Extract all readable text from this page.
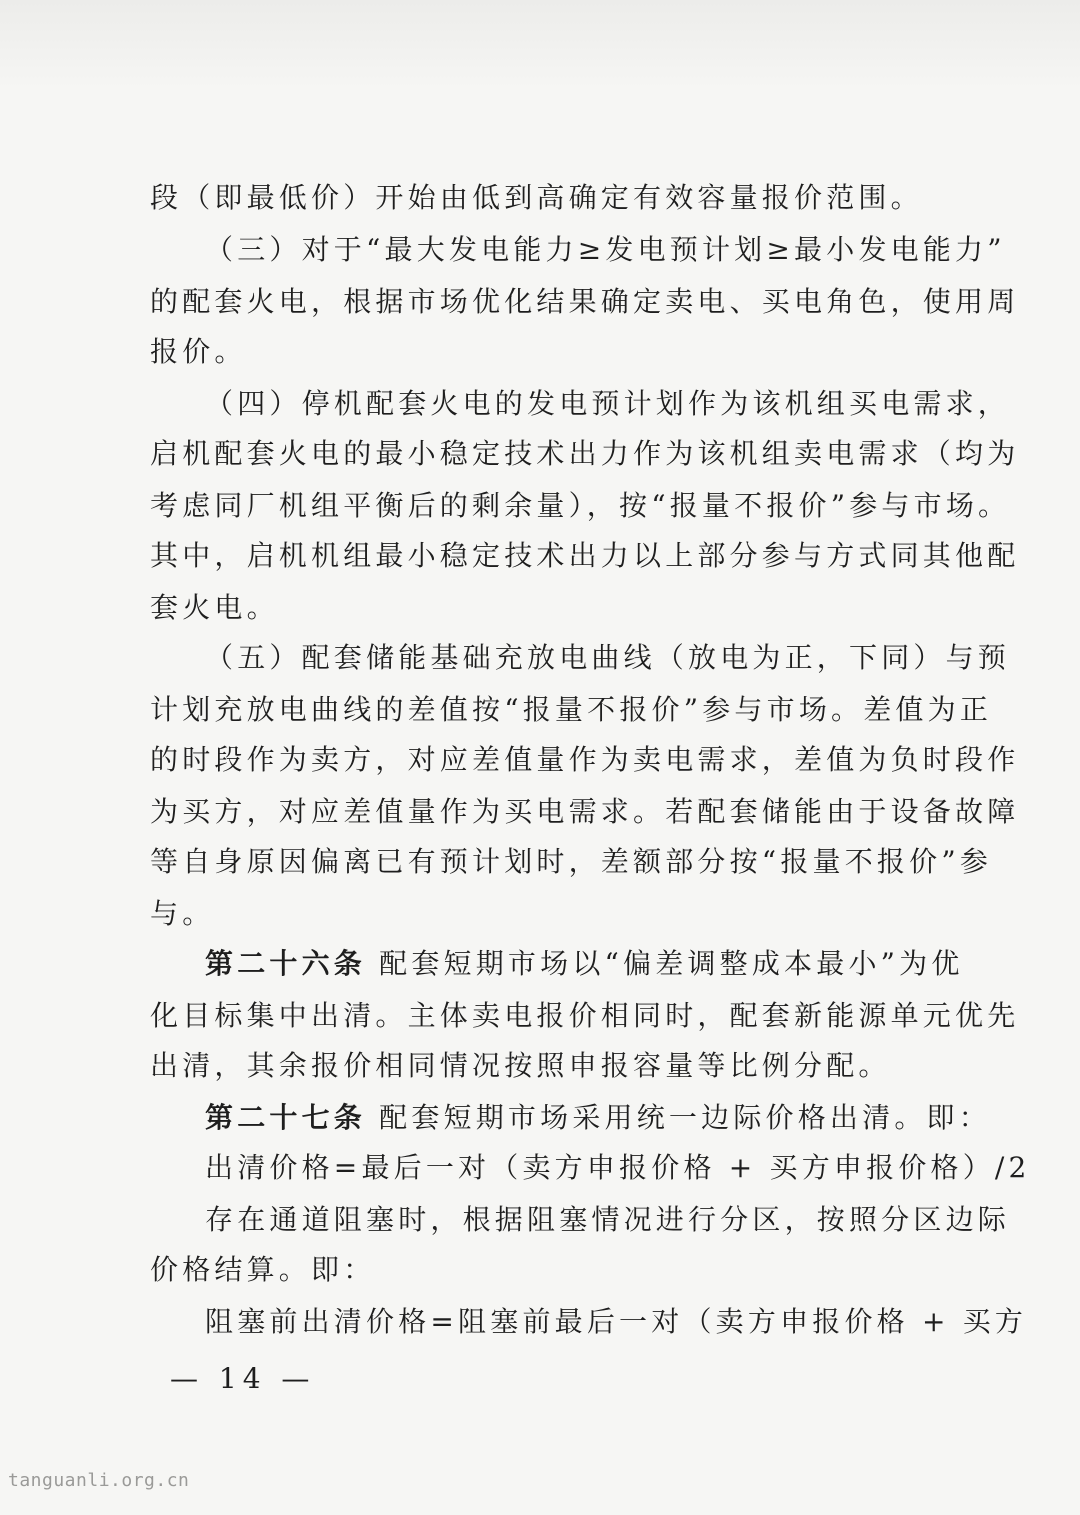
段（即最低价）开始由低到高确定有效容量报价范围。
（三）对于“最大发电能力≥发电预计划≥最小发电能力”
的配套火电，根据市场优化结果确定卖电、买电角色，使用周
报价。
（四）停机配套火电的发电预计划作为该机组买电需求，
启机配套火电的最小稳定技术出力作为该机组卖电需求（均为
考虑同厂机组平衡后的剩余量），按“报量不报价”参与市场。
其中，启机机组最小稳定技术出力以上部分参与方式同其他配
套火电。
（五）配套储能基础充放电曲线（放电为正，下同）与预
计划充放电曲线的差值按“报量不报价”参与市场。差值为正
的时段作为卖方，对应差值量作为卖电需求，差值为负时段作
为买方，对应差值量作为买电需求。若配套储能由于设备故障
等自身原因偏离已有预计划时，差额部分按“报量不报价”参
与。
第二十六条 配套短期市场以“偏差调整成本最小”为优
化目标集中出清。主体卖电报价相同时，配套新能源单元优先
出清，其余报价相同情况按照申报容量等比例分配。
第二十七条 配套短期市场采用统一边际价格出清。即：
出清价格=最后一对（卖方申报价格 + 买方申报价格）/2
存在通道阻塞时，根据阻塞情况进行分区，按照分区边际
价格结算。即：
阻塞前出清价格=阻塞前最后一对（卖方申报价格 + 买方
— 14 —
tanguanli.org.cn
